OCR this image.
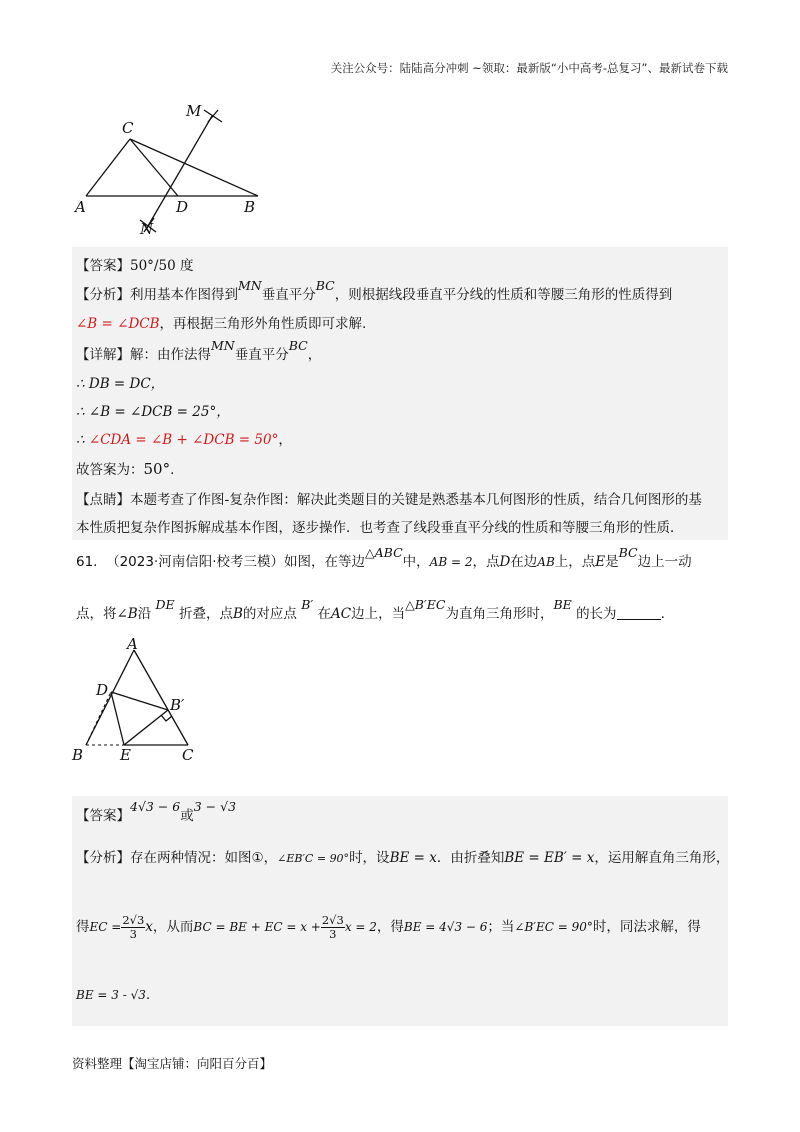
关注公众号：陆陆高分冲刺 ~领取：最新版“小中高考-总复习”、最新试卷下载
M
C
A	D	B
N
【答案】50°/50 度
【分析】利用基本作图得到MN垂直平分BC，则根据线段垂直平分线的性质和等腰三角形的性质得到
∠B = ∠DCB，再根据三角形外角性质即可求解.
【详解】解：由作法得MN垂直平分BC，
∴ DB = DC，
∴ ∠B = ∠DCB = 25°，
∴ ∠CDA = ∠B + ∠DCB = 50°，
故答案为：50°.
【点睛】本题考查了作图-复杂作图：解决此类题目的关键是熟悉基本几何图形的性质，结合几何图形的基
本性质把复杂作图拆解成基本作图，逐步操作．也考查了线段垂直平分线的性质和等腰三角形的性质．
61. （2023·河南信阳·校考三模）如图，在等边△ABC中，AB = 2，点D在边AB上，点E是BC边上一动
点，将∠B沿 DE 折叠，点B的对应点 B′ 在AC边上，当△B′EC为直角三角形时，BE 的长为	.
A
D
B′
B E	C
【答案】4√3 − 6或3 − √3
【分析】存在两种情况：如图①，∠EB′C = 90°时，设BE = x．由折叠知BE = EB′ = x，运用解直角三角形，
得EC = $\frac{2√3}{3}$ x，从而BC = BE + EC = $x + \frac{2√3}{3}$ x = 2，得BE = 4√3 − 6；当∠B′EC = 90°时，同法求解，得
BE = 3 - √3.
资料整理【淘宝店铺：向阳百分百】
